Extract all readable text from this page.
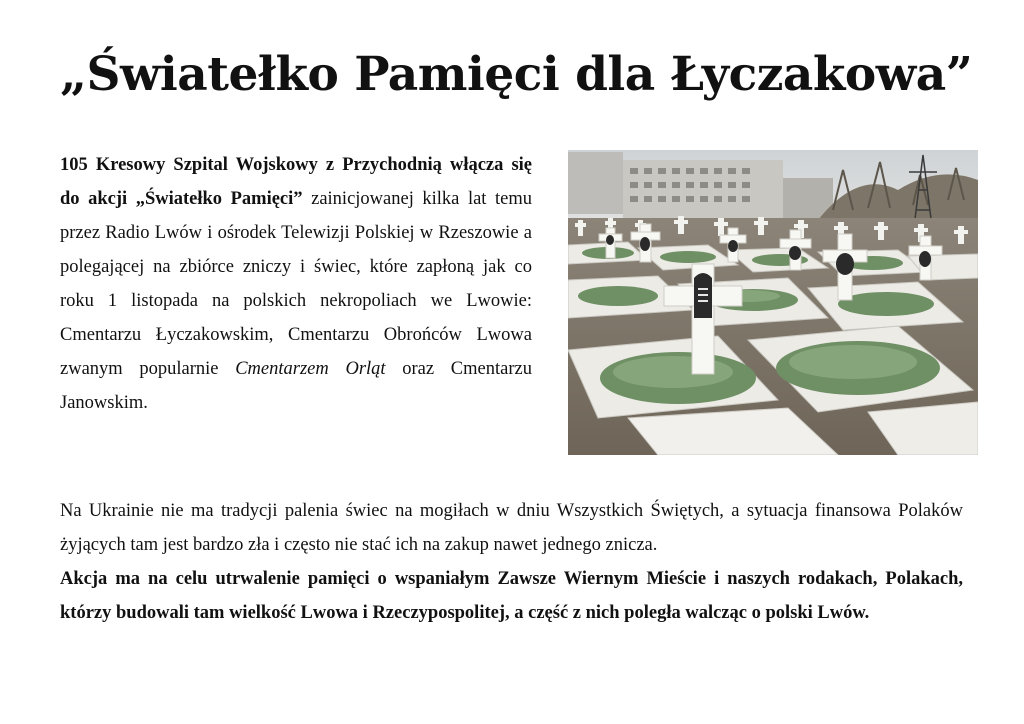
„Światełko Pamięci dla Łyczakowa”
105 Kresowy Szpital Wojskowy z Przychodnią włącza się do akcji „Światełko Pamięci” zainicjowanej kilka lat temu przez Radio Lwów i ośrodek Telewizji Polskiej w Rzeszowie a polegającej na zbiórce zniczy i świec, które zapłoną jak co roku 1 listopada na polskich nekropoliach we Lwowie: Cmentarzu Łyczakowskim, Cmentarzu Obrońców Lwowa zwanym popularnie Cmentarzem Orląt oraz Cmentarzu Janowskim.

Na Ukrainie nie ma tradycji palenia świec na mogiłach w dniu Wszystkich Świętych, a sytuacja finansowa Polaków żyjących tam jest bardzo zła i często nie stać ich na zakup nawet jednego znicza.

Akcja ma na celu utrwalenie pamięci o wspaniałym Zawsze Wiernym Mieście i naszych rodakach, Polakach, którzy budowali tam wielkość Lwowa i Rzeczypospolitej, a część z nich poległa walcząc o polski Lwów.
